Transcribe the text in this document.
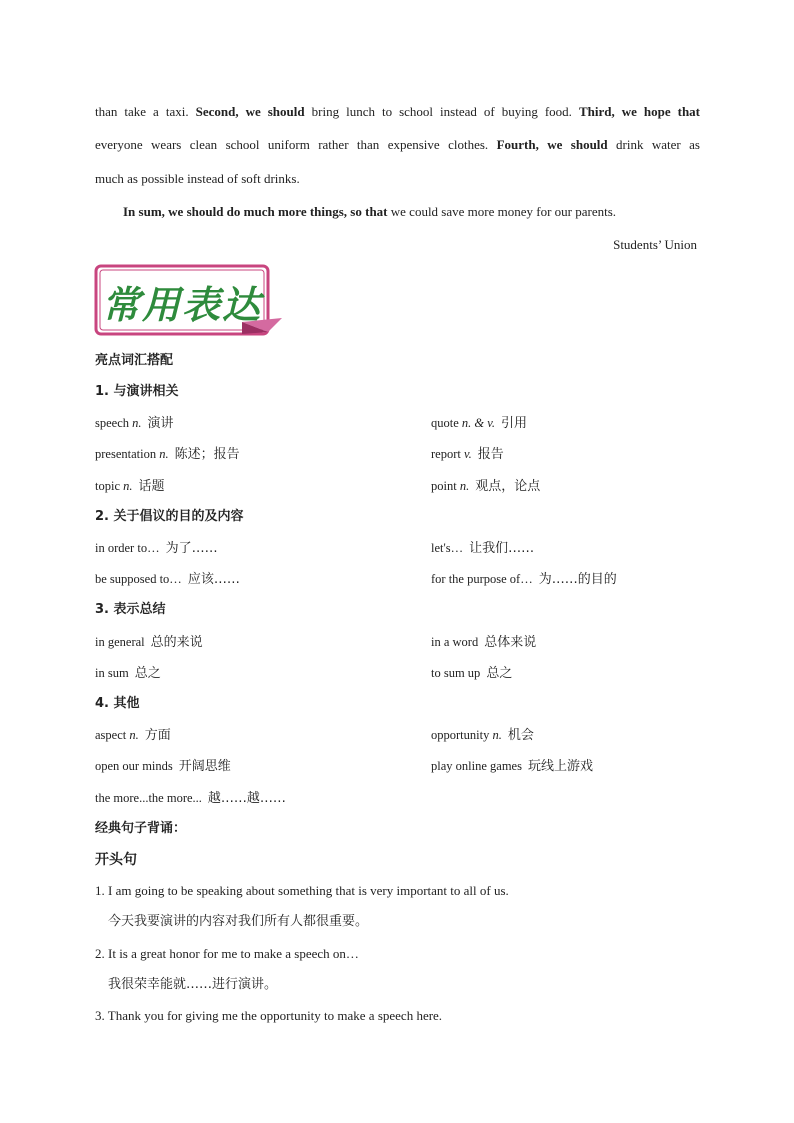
than take a taxi. Second, we should bring lunch to school instead of buying food. Third, we hope that
everyone wears clean school uniform rather than expensive clothes. Fourth, we should drink water as
much as possible instead of soft drinks.
In sum, we should do much more things, so that we could save more money for our parents.
Students’ Union
常用表达
亮点词汇搭配
1. 与演讲相关
speech n. 演讲	quote n. & v. 引用
presentation n. 陈述；报告	report v. 报告
topic n. 话题	point n. 观点，论点
2. 关于倡议的目的及内容
in order to… 为了……	let's… 让我们……
be supposed to… 应该……	for the purpose of… 为……的目的
3. 表示总结
in general 总的来说	in a word 总体来说
in sum 总之	to sum up 总之
4. 其他
aspect n. 方面	opportunity n. 机会
open our minds 开阔思维	play online games 玩线上游戏
the more...the more... 越……越……
经典句子背诵：
开头句
1. I am going to be speaking about something that is very important to all of us.
今天我要演讲的内容对我们所有人都很重要。
2. It is a great honor for me to make a speech on…
我很荣幸能就……进行演讲。
3. Thank you for giving me the opportunity to make a speech here.
